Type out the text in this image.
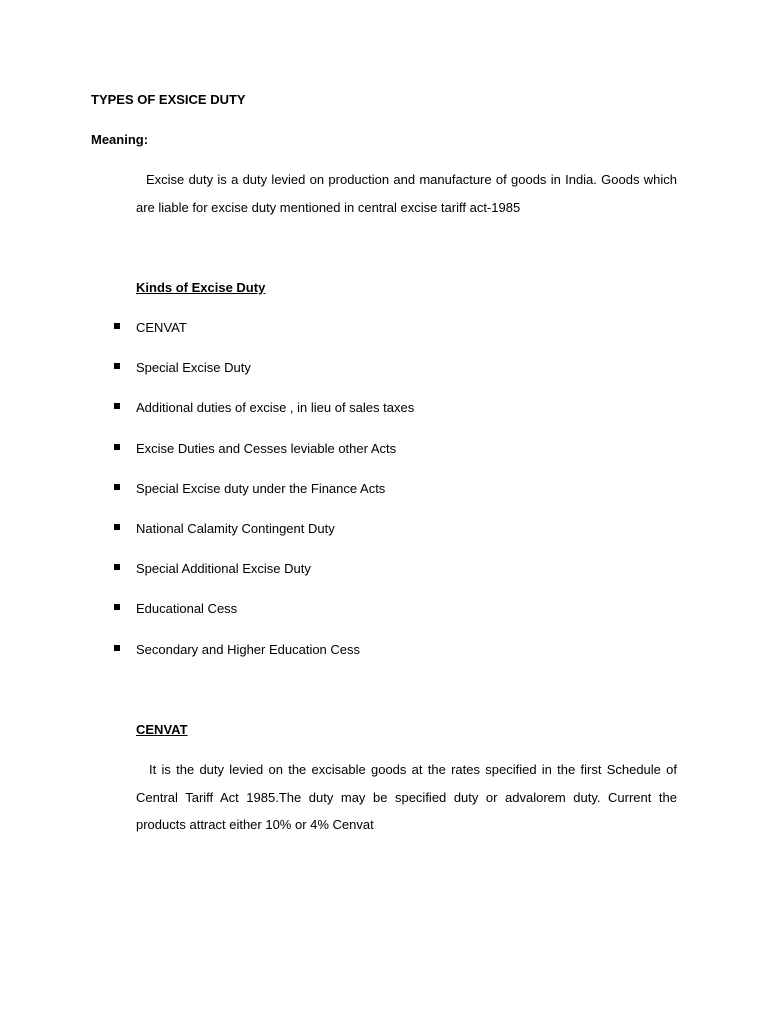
TYPES OF EXSICE DUTY
Meaning:

Excise duty is a duty levied on production and manufacture of goods in India. Goods which are liable for excise duty mentioned in central excise tariff act-1985

Kinds of Excise Duty
CENVAT
Special Excise Duty
Additional duties of excise , in lieu of sales taxes
Excise Duties and Cesses leviable other Acts
Special Excise duty under the Finance Acts
National Calamity Contingent Duty
Special Additional Excise Duty
Educational Cess
Secondary and Higher Education Cess
CENVAT

It is the duty levied on the excisable goods at the rates specified in the first Schedule of Central Tariff Act 1985.The duty may be specified duty or advalorem duty. Current the products attract either 10% or 4% Cenvat
